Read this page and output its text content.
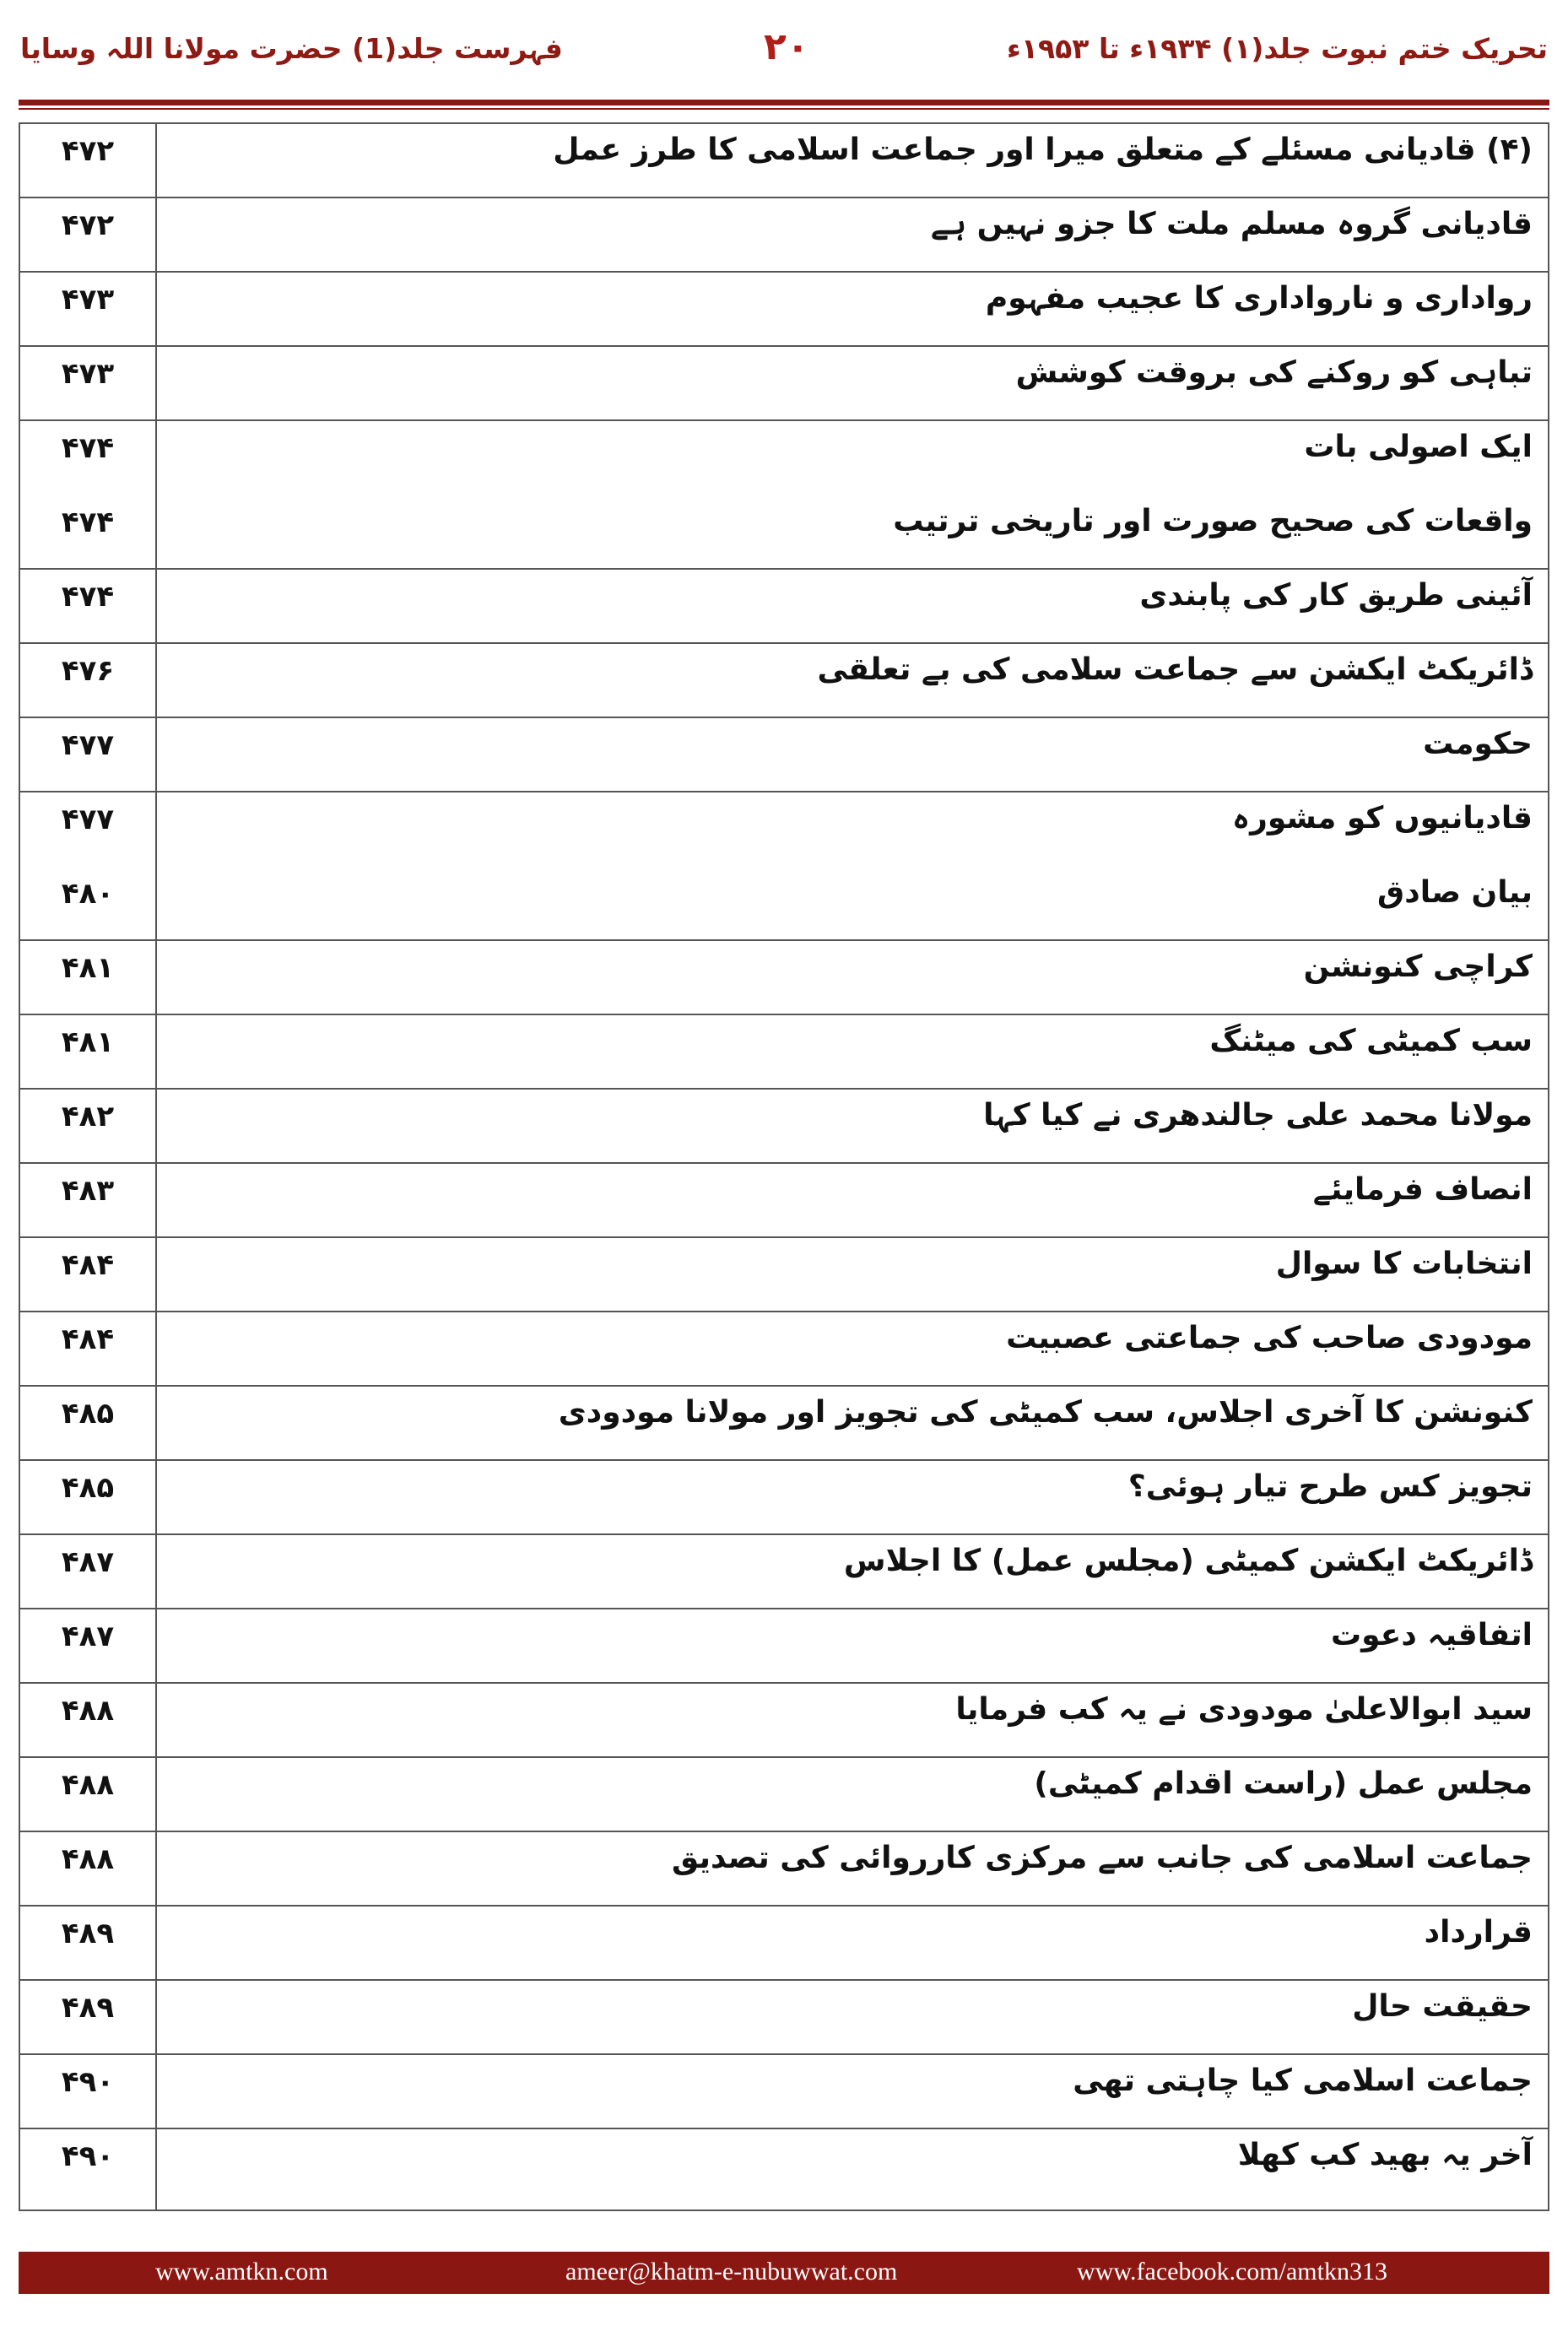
تحریک ختم نبوت جلد(۱) ۱۹۳۴ء تا ۱۹۵۳ء
۲۰
فہرست جلد(1) حضرت مولانا اللہ وسایا
(۴) قادیانی مسئلے کے متعلق میرا اور جماعت اسلامی کا طرز عمل
۴۷۲
قادیانی گروہ مسلم ملت کا جزو نہیں ہے
۴۷۲
رواداری و نارواداری کا عجیب مفہوم
۴۷۳
تباہی کو روکنے کی بروقت کوشش
۴۷۳
ایک اصولی بات
۴۷۴
واقعات کی صحیح صورت اور تاریخی ترتیب
۴۷۴
آئینی طریق کار کی پابندی
۴۷۴
ڈائریکٹ ایکشن سے جماعت سلامی کی بے تعلقی
۴۷۶
حکومت
۴۷۷
قادیانیوں کو مشورہ
۴۷۷
بیان صادق
۴۸۰
کراچی کنونشن
۴۸۱
سب کمیٹی کی میٹنگ
۴۸۱
مولانا محمد علی جالندھری نے کیا کہا
۴۸۲
انصاف فرمایئے
۴۸۳
انتخابات کا سوال
۴۸۴
مودودی صاحب کی جماعتی عصبیت
۴۸۴
کنونشن کا آخری اجلاس، سب کمیٹی کی تجویز اور مولانا مودودی
۴۸۵
تجویز کس طرح تیار ہوئی؟
۴۸۵
ڈائریکٹ ایکشن کمیٹی (مجلس عمل) کا اجلاس
۴۸۷
اتفاقیہ دعوت
۴۸۷
سید ابوالاعلیٰ مودودی نے یہ کب فرمایا
۴۸۸
مجلس عمل (راست اقدام کمیٹی)
۴۸۸
جماعت اسلامی کی جانب سے مرکزی کارروائی کی تصدیق
۴۸۸
قرارداد
۴۸۹
حقیقت حال
۴۸۹
جماعت اسلامی کیا چاہتی تھی
۴۹۰
آخر یہ بھید کب کھلا
۴۹۰
www.amtkn.com	ameer@khatm-e-nubuwwat.com	www.facebook.com/amtkn313
